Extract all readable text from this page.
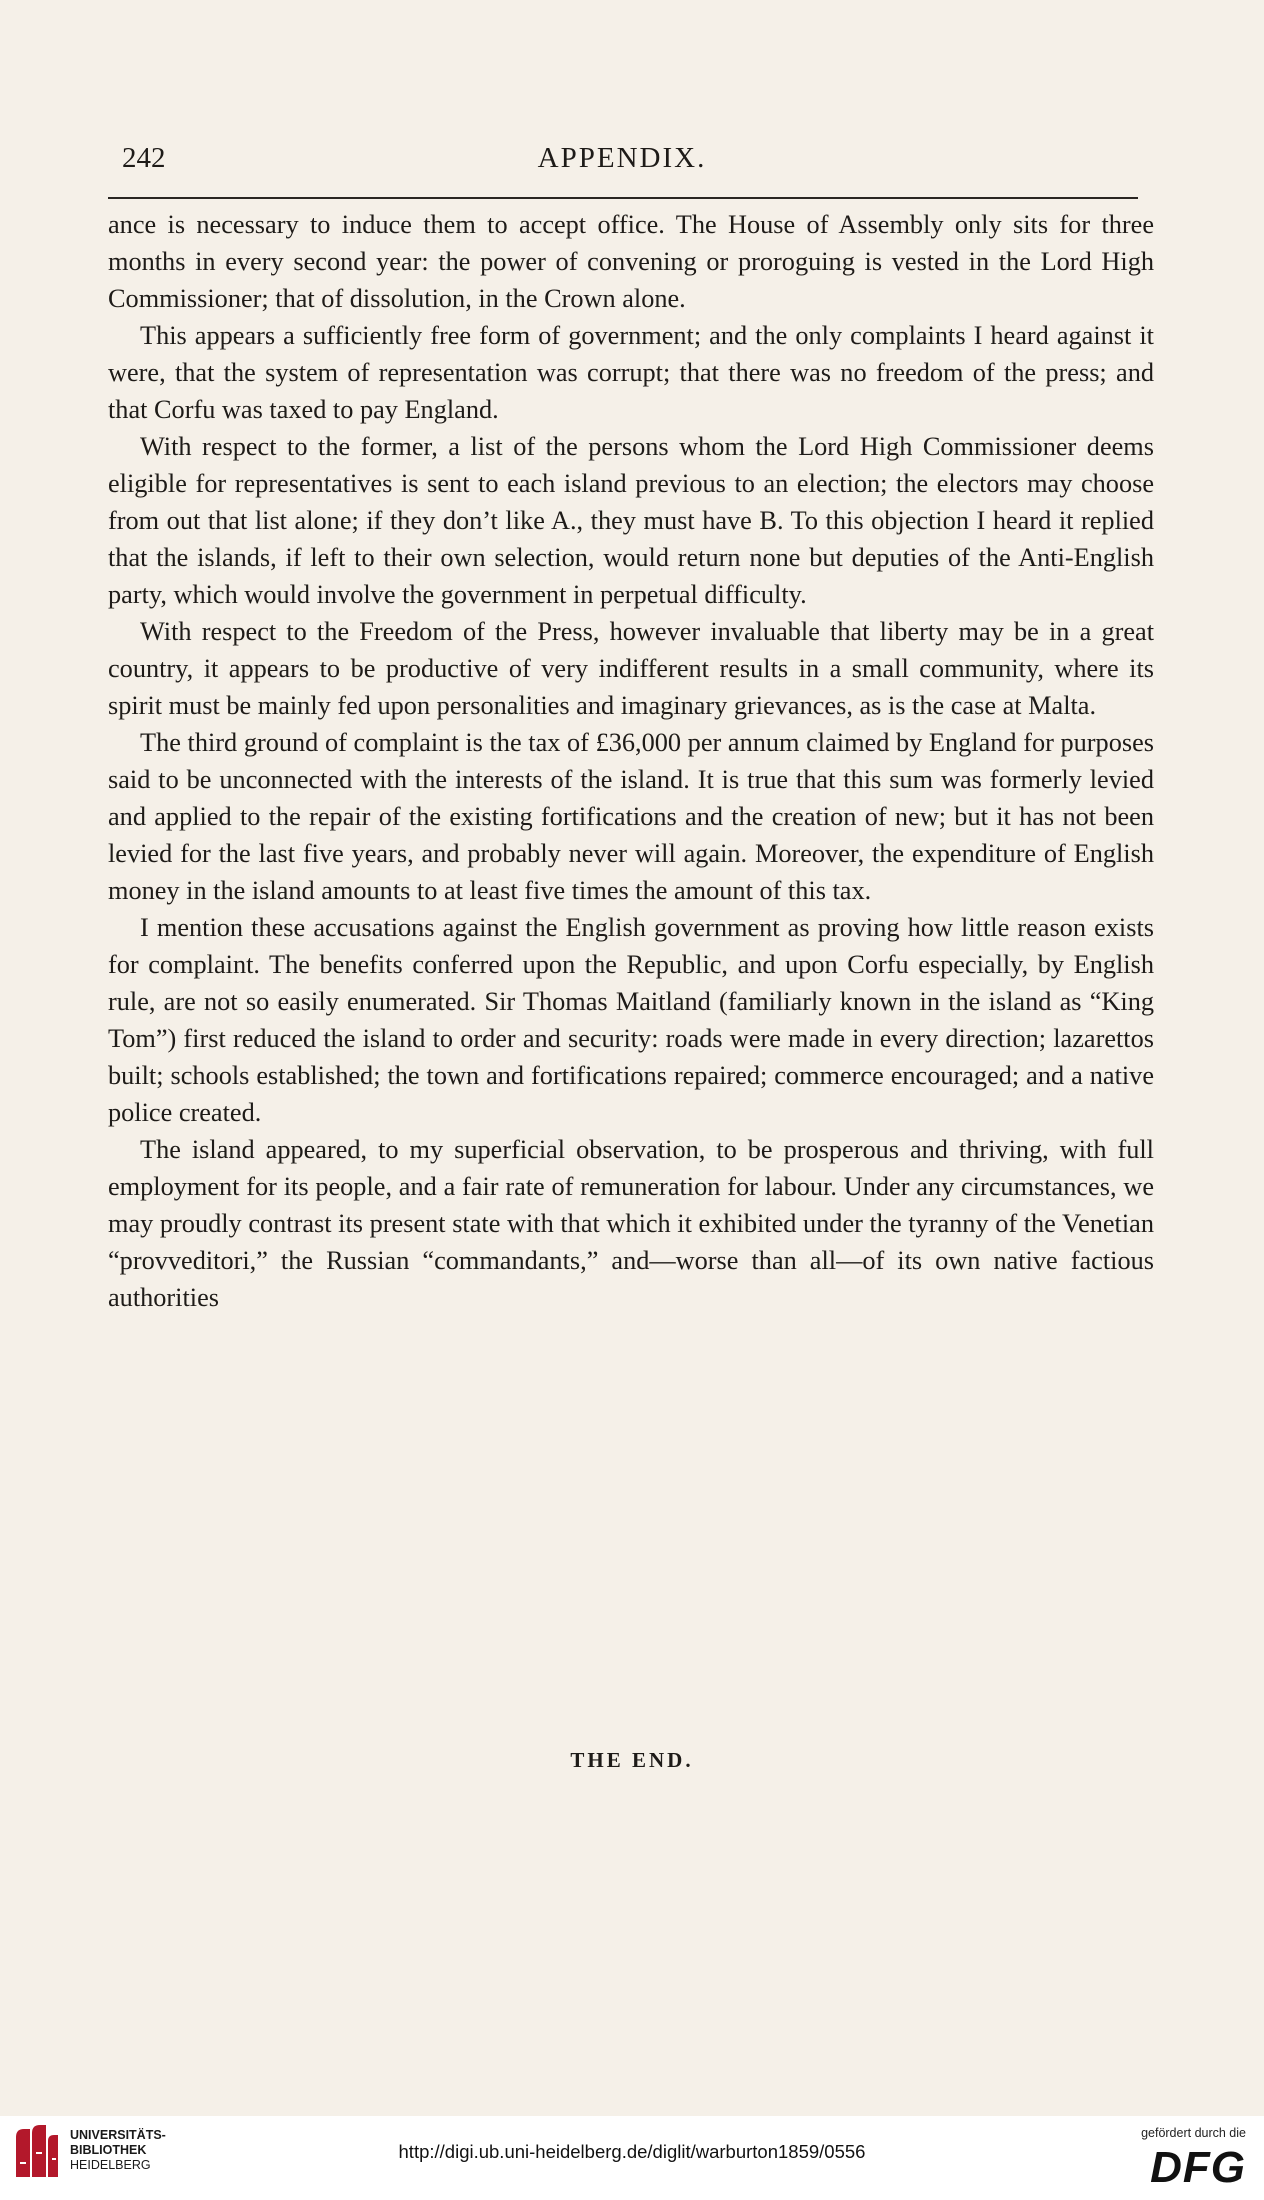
242	APPENDIX.

ance is necessary to induce them to accept office. The House of Assembly only sits for three months in every second year: the power of convening or proroguing is vested in the Lord High Commissioner; that of dissolution, in the Crown alone.

This appears a sufficiently free form of government; and the only complaints I heard against it were, that the system of representation was corrupt; that there was no freedom of the press; and that Corfu was taxed to pay England.

With respect to the former, a list of the persons whom the Lord High Commissioner deems eligible for representatives is sent to each island previous to an election; the electors may choose from out that list alone; if they don’t like A., they must have B. To this objection I heard it replied that the islands, if left to their own selection, would return none but deputies of the Anti-English party, which would involve the government in perpetual difficulty.

With respect to the Freedom of the Press, however invaluable that liberty may be in a great country, it appears to be productive of very indifferent results in a small community, where its spirit must be mainly fed upon personalities and imaginary grievances, as is the case at Malta.

The third ground of complaint is the tax of £36,000 per annum claimed by England for purposes said to be unconnected with the interests of the island. It is true that this sum was formerly levied and applied to the repair of the existing fortifications and the creation of new; but it has not been levied for the last five years, and probably never will again. Moreover, the expenditure of English money in the island amounts to at least five times the amount of this tax.

I mention these accusations against the English government as proving how little reason exists for complaint. The benefits conferred upon the Republic, and upon Corfu especially, by English rule, are not so easily enumerated. Sir Thomas Maitland (familiarly known in the island as “King Tom”) first reduced the island to order and security: roads were made in every direction; lazarettos built; schools established; the town and fortifications repaired; commerce encouraged; and a native police created.

The island appeared, to my superficial observation, to be prosperous and thriving, with full employment for its people, and a fair rate of remuneration for labour. Under any circumstances, we may proudly contrast its present state with that which it exhibited under the tyranny of the Venetian “provveditori,” the Russian “commandants,” and—worse than all—of its own native factious authorities

THE END.
UNIVERSITÄTS-
BIBLIOTHEK
HEIDELBERG
http://digi.ub.uni-heidelberg.de/diglit/warburton1859/0556
gefördert durch die
DFG
